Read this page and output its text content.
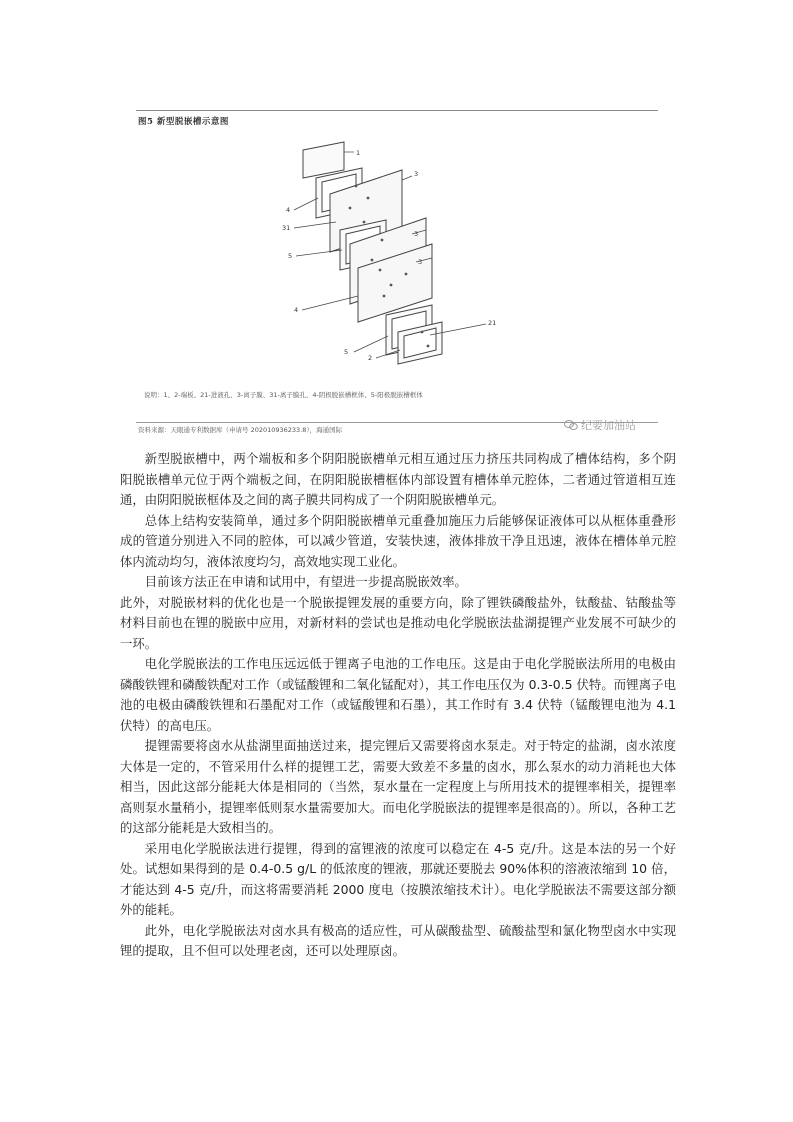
图5 新型脱嵌槽示意图
1
3
4
31
3
5
3
4
21
5
2
说明：1、2-端板、21-进液孔、3-离子膜、31-离子膜孔、4-阴极脱嵌槽框体、5-阳极脱嵌槽框体
资料来源：天眼通专利数据库（申请号 202010936233.8），海通国际	纪要加油站

新型脱嵌槽中，两个端板和多个阴阳脱嵌槽单元相互通过压力挤压共同构成了槽体结构，多个阴阳脱嵌槽单元位于两个端板之间，在阴阳脱嵌槽框体内部设置有槽体单元腔体，二者通过管道相互连通，由阴阳脱嵌框体及之间的离子膜共同构成了一个阴阳脱嵌槽单元。

总体上结构安装简单，通过多个阴阳脱嵌槽单元重叠加施压力后能够保证液体可以从框体重叠形成的管道分别进入不同的腔体，可以减少管道，安装快速，液体排放干净且迅速，液体在槽体单元腔体内流动均匀，液体浓度均匀，高效地实现工业化。

目前该方法正在申请和试用中，有望进一步提高脱嵌效率。

此外，对脱嵌材料的优化也是一个脱嵌提锂发展的重要方向，除了锂铁磷酸盐外，钛酸盐、钴酸盐等材料目前也在锂的脱嵌中应用，对新材料的尝试也是推动电化学脱嵌法盐湖提锂产业发展不可缺少的一环。

电化学脱嵌法的工作电压远远低于锂离子电池的工作电压。这是由于电化学脱嵌法所用的电极由磷酸铁锂和磷酸铁配对工作（或锰酸锂和二氧化锰配对），其工作电压仅为 0.3-0.5 伏特。而锂离子电池的电极由磷酸铁锂和石墨配对工作（或锰酸锂和石墨），其工作时有 3.4 伏特（锰酸锂电池为 4.1 伏特）的高电压。

提锂需要将卤水从盐湖里面抽送过来，提完锂后又需要将卤水泵走。对于特定的盐湖，卤水浓度大体是一定的，不管采用什么样的提锂工艺，需要大致差不多量的卤水，那么泵水的动力消耗也大体相当，因此这部分能耗大体是相同的（当然，泵水量在一定程度上与所用技术的提锂率相关，提锂率高则泵水量稍小，提锂率低则泵水量需要加大。而电化学脱嵌法的提锂率是很高的）。所以，各种工艺的这部分能耗是大致相当的。

采用电化学脱嵌法进行提锂，得到的富锂液的浓度可以稳定在 4-5 克/升。这是本法的另一个好处。试想如果得到的是 0.4-0.5 g/L 的低浓度的锂液，那就还要脱去 90%体积的溶液浓缩到 10 倍，才能达到 4-5 克/升，而这将需要消耗 2000 度电（按膜浓缩技术计）。电化学脱嵌法不需要这部分额外的能耗。

此外，电化学脱嵌法对卤水具有极高的适应性，可从碳酸盐型、硫酸盐型和氯化物型卤水中实现锂的提取，且不但可以处理老卤，还可以处理原卤。
